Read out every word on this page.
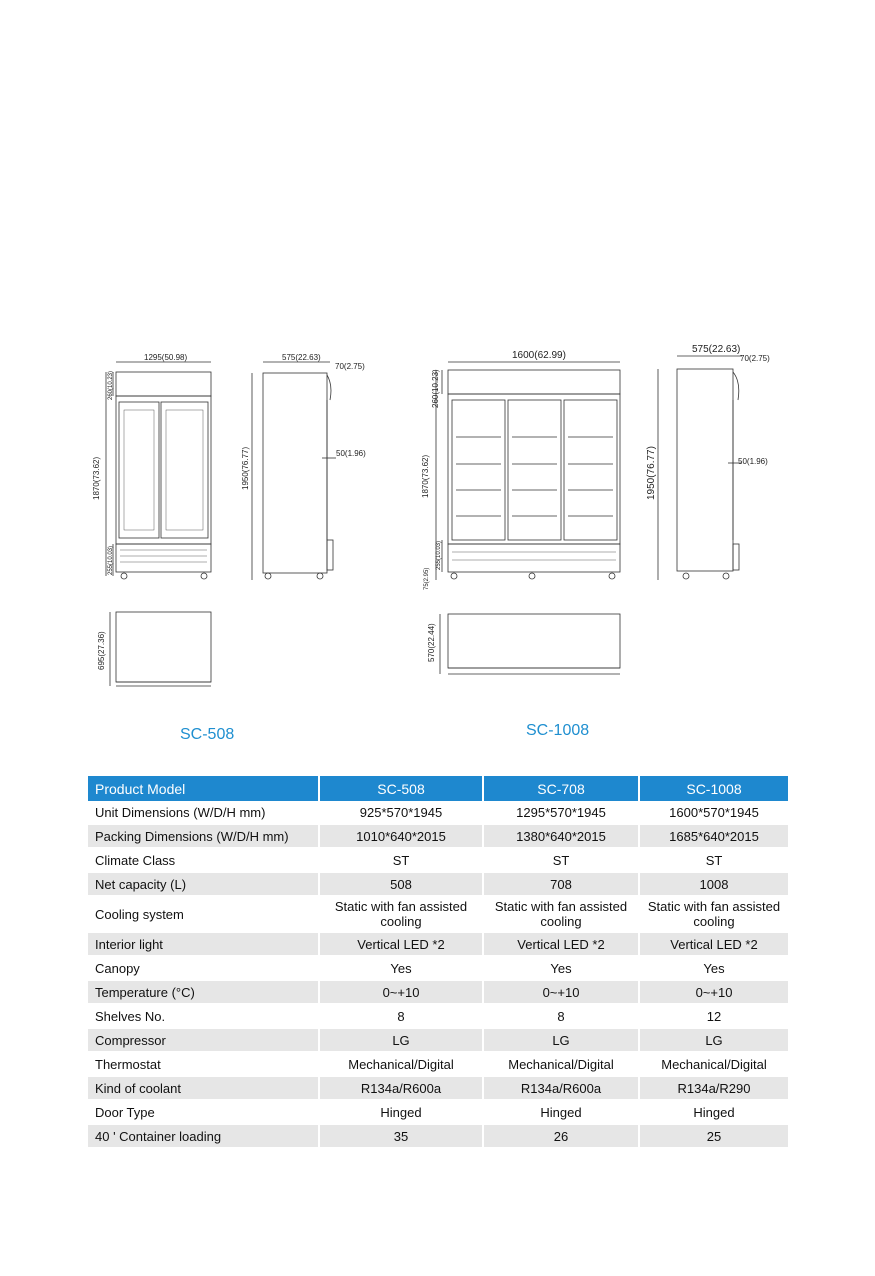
1295(50.98)
1870(73.62)
260(10.23)
255(10.03)
575(22.63)
70(2.75)
1950(76.77)	50(1.96)
695(27.36)
1600(62.99)
1870(73.62)
260(10.23)
255(10.03)
75(2.95)
575(22.63)
70(2.75)
1950(76.77)	50(1.96)
570(22.44)
SC-508	SC-1008
Product Model	SC-508	SC-708	SC-1008
Unit Dimensions (W/D/H mm)	925*570*1945	1295*570*1945	1600*570*1945
Packing Dimensions (W/D/H mm)	1010*640*2015	1380*640*2015	1685*640*2015
Climate Class	ST	ST	ST
Net capacity (L)	508	708	1008
Cooling system	Static with fan assisted cooling	Static with fan assisted cooling	Static with fan assisted cooling
Interior light	Vertical LED *2	Vertical LED *2	Vertical LED *2
Canopy	Yes	Yes	Yes
Temperature (°C)	0~+10	0~+10	0~+10
Shelves No.	8	8	12
Compressor	LG	LG	LG
Thermostat	Mechanical/Digital	Mechanical/Digital	Mechanical/Digital
Kind of coolant	R134a/R600a	R134a/R600a	R134a/R290
Door Type	Hinged	Hinged	Hinged
40 ' Container loading	35	26	25
